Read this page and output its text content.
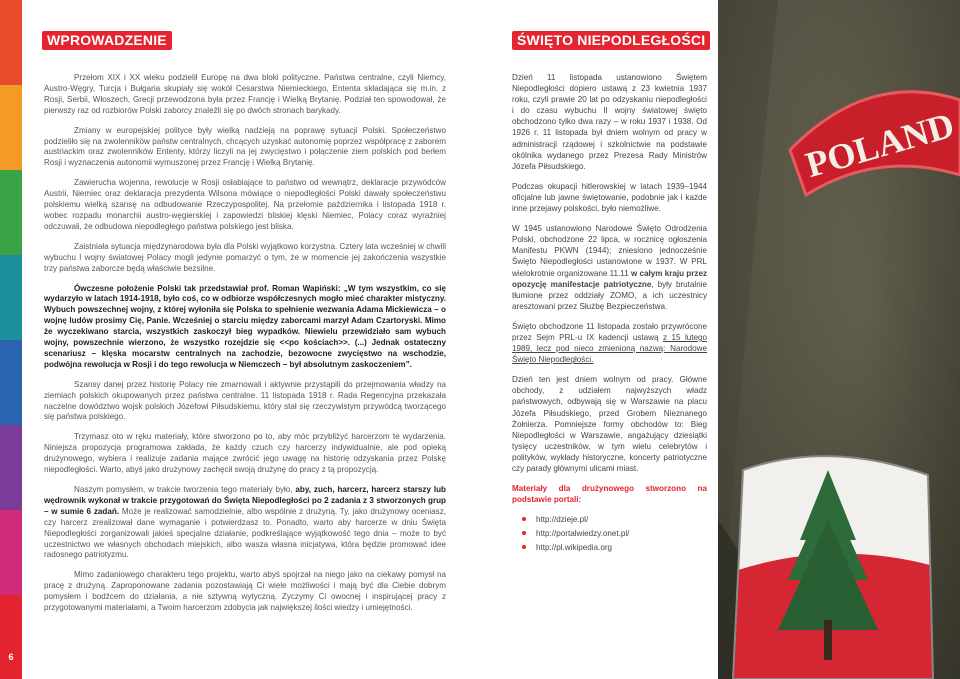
6
WPROWADZENIE	ŚWIĘTO NIEPODLEGŁOŚCI

Przełom XIX i XX wieku podzielił Europę na dwa bloki polityczne. Państwa centralne, czyli Niemcy, Austro-Węgry, Turcja i Bułgaria skupiały się wokół Cesarstwa Niemieckiego, Ententa składająca się m.in. z Rosji, Serbii, Włoszech, Grecji przewodzona była przez Francję i Wielką Brytanię. Podział ten spowodował, że pierwszy raz od rozbiorów Polski zaborcy znaleźli się po dwóch stronach barykady.

Zmiany w europejskiej polityce były wielką nadzieją na poprawę sytuacji Polski. Społeczeństwo podzieliło się na zwolenników państw centralnych, chcących uzyskać autonomię poprzez współpracę z zaborem austriackim oraz zwolenników Ententy, którzy liczyli na jej zwycięstwo i połączenie ziem polskich pod berłem Rosji i wyznaczenia autonomii wymuszonej przez Francję i Wielką Brytanię.

Zawierucha wojenna, rewolucje w Rosji osłabiające to państwo od wewnątrz, deklaracje przywódców Austrii, Niemiec oraz deklaracja prezydenta Wilsona mówiące o niepodległości Polski dawały społeczeństwu polskiemu wielką szansę na odbudowanie Rzeczypospolitej. Na przełomie października i listopada 1918 r. wobec rozpadu monarchii austro-węgierskiej i zapowiedzi bliskiej klęski Niemiec, Polacy coraz wyraźniej odczuwali, że odbudowa niepodległego państwa polskiego jest bliska.

Zaistniała sytuacja międzynarodowa była dla Polski wyjątkowo korzystna. Cztery lata wcześniej w chwili wybuchu I wojny światowej Polacy mogli jedynie pomarzyć o tym, że w momencie jej zakończenia wszystkie trzy państwa zaborcze będą właściwie bezsilne.

Ówczesne położenie Polski tak przedstawiał prof. Roman Wapiński: „W tym wszystkim, co się wydarzyło w latach 1914-1918, było coś, co w odbiorze współczesnych mogło mieć charakter mistyczny. Wybuch powszechnej wojny, z której wyłoniła się Polska to spełnienie wezwania Adama Mickiewicza – o wojnę ludów prosimy Cię, Panie. Wcześniej o starciu między zaborcami marzył Adam Czartoryski. Mimo że wyczekiwano starcia, wszystkich zaskoczył bieg wypadków. Niewielu przewidziało sam wybuch wojny, powszechnie wierzono, że wszystko rozejdzie się <<po kościach>>. (...) Jednak ostateczny scenariusz – klęska mocarstw centralnych na zachodzie, bezowocne zwycięstwo na wschodzie, podwójna rewolucja w Rosji i do tego rewolucja w Niemczech – był absolutnym zaskoczeniem”.

Szansy danej przez historię Polacy nie zmarnowali i aktywnie przystąpili do przejmowania władzy na ziemiach polskich okupowanych przez państwa centralne. 11 listopada 1918 r. Rada Regencyjna przekazała naczelne dowództwo wojsk polskich Józefowi Piłsudskiemu, który stał się rzeczywistym przywódcą tworzącego się państwa polskiego.

Trzymasz oto w ręku materiały, które stworzono po to, aby móc przybliżyć harcerzom te wydarzenia. Niniejsza propozycja programowa zakłada, że każdy czuch czy harcerzy indywidualnie, ale pod opieką drużynowego, wybiera i realizuje zadania mające zwrócić jego uwagę na historię odzyskania przez Polskę niepodległości. Warto, abyś jako drużynowy zachęcił swoją drużynę do pracy z tą propozycją.

Naszym pomysłem, w trakcie tworzenia tego materiały było, aby, zuch, harcerz, harcerz starszy lub wędrownik wykonał w trakcie przygotowań do Święta Niepodległości po 2 zadania z 3 stworzonych grup – w sumie 6 zadań. Może je realizować samodzielnie, albo wspólnie z drużyną. Ty, jako drużynowy oceniasz, czy harcerz zrealizował dane wymaganie i potwierdzasz to. Ponadto, warto aby harcerze w dniu Święta Niepodległości zorganizowali jakieś specjalne działanie, podkreślające wyjątkowość tego dnia – może to być uczestnictwo we własnych obchodach miejskich, albo wasza własna inicjatywa, która będzie promować idee radosnego patriotyzmu.

Mimo zadaniowego charakteru tego projektu, warto abyś spojrzał na niego jako na ciekawy pomysł na pracę z drużyną. Zaproponowane zadania pozostawiają Ci wiele możliwości i mają być dla Ciebie dobrym pomysłem i bodźcem do działania, a nie sztywną wytyczną. Zyczymy Ci owocnej i inspirującej pracy z przygotowanymi materiałami, a Twoim harcerzom zdobycia jak największej ilości wiedzy i umiejętności.

Dzień 11 listopada ustanowiono Świętem Niepodległości dopiero ustawą z 23 kwietnia 1937 roku, czyli prawie 20 lat po odzyskaniu niepodległości i do czasu wybuchu II wojny światowej święto obchodzono tylko dwa razy – w roku 1937 i 1938. Od 1926 r. 11 listopada był dniem wolnym od pracy w administracji rządowej i szkolnictwie na podstawie okólnika wydanego przez Prezesa Rady Ministrów Józefa Piłsudskiego.

Podczas okupacji hitlerowskiej w latach 1939–1944 oficjalne lub jawne świętowanie, podobnie jak i każde inne przejawy polskości, było niemożliwe.

W 1945 ustanowiono Narodowe Święto Odrodzenia Polski, obchodzone 22 lipca, w rocznicę ogłoszenia Manifestu PKWN (1944); zniesiono jednocześnie Święto Niepodległości ustanowione w 1937. W PRL wielokrotnie organizowane 11.11 w całym kraju przez opozycję manifestacje patriotyczne, były brutalnie tłumione przez oddziały ZOMO, a ich uczestnicy aresztowani przez Służbę Bezpieczeństwa.

Święto obchodzone 11 listopada zostało przywrócone przez Sejm PRL-u IX kadencji ustawą z 15 lutego 1989, lecz pod nieco zmienioną nazwą: Narodowe Święto Niepodległości.

Dzień ten jest dniem wolnym od pracy. Główne obchody, z udziałem najwyższych władz państwowych, odbywają się w Warszawie na placu Józefa Piłsudskiego, przed Grobem Nieznanego Żołnierza. Pomniejsze formy obchodów to: Bieg Niepodległości w Warszawie, angażujący dziesiątki tysięcy uczestników, w tym wielu celebrytów i polityków, wykłady historyczne, koncerty patriotyczne czy parady głównymi ulicami miast.

Materiały dla drużynowego stworzono na podstawie portali:

http://dzieje.pl/
http://portalwiedzy.onet.pl/
http://pl.wikipedia.org
POLAND
